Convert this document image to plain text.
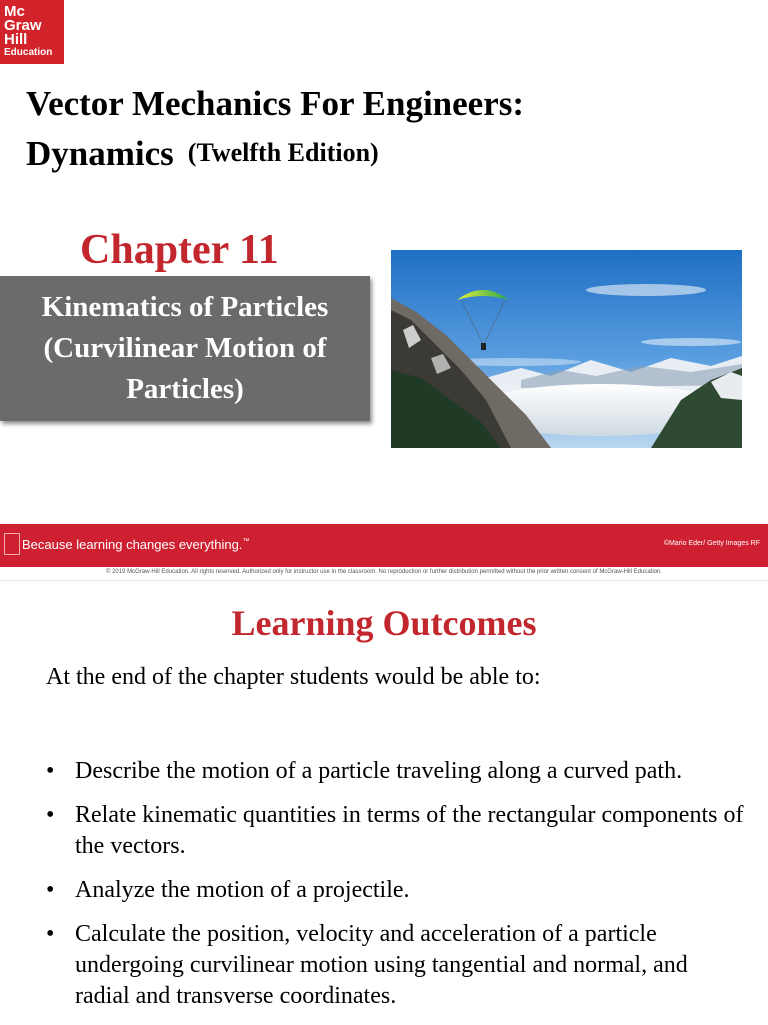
Mc
Graw
Hill
Education
Vector Mechanics For Engineers:
Dynamics (Twelfth Edition)
Chapter 11
Kinematics of Particles
(Curvilinear Motion of
Particles)
Because learning changes everything.™	©Mario Eder/ Getty Images RF
© 2019 McGraw-Hill Education. All rights reserved. Authorized only for instructor use in the classroom. No reproduction or further distribution permitted without the prior written consent of McGraw-Hill Education.
Learning Outcomes
At the end of the chapter students would be able to:
• Describe the motion of a particle traveling along a curved path.
• Relate kinematic quantities in terms of the rectangular components of the vectors.
• Analyze the motion of a projectile.
• Calculate the position, velocity and acceleration of a particle undergoing curvilinear motion using tangential and normal, and radial and transverse coordinates.
